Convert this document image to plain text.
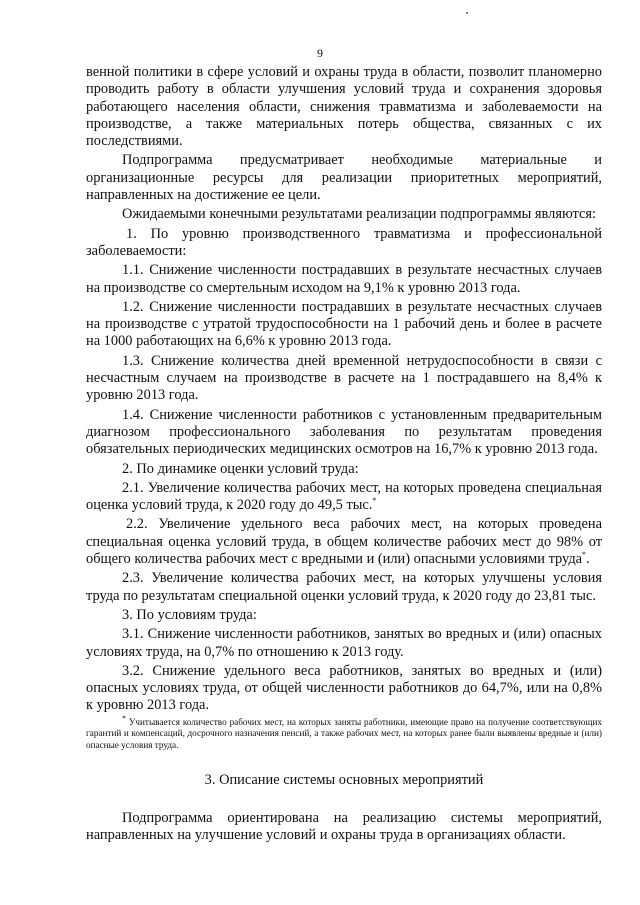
9

венной политики в сфере условий и охраны труда в области, позволит планомерно проводить работу в области улучшения условий труда и сохранения здоровья работающего населения области, снижения травматизма и заболеваемости на производстве, а также материальных потерь общества, связанных с их последствиями.

Подпрограмма предусматривает необходимые материальные и организационные ресурсы для реализации приоритетных мероприятий, направленных на достижение ее цели.

Ожидаемыми конечными результатами реализации подпрограммы являются:

1. По уровню производственного травматизма и профессиональной заболеваемости:

1.1. Снижение численности пострадавших в результате несчастных случаев на производстве со смертельным исходом на 9,1% к уровню 2013 года.

1.2. Снижение численности пострадавших в результате несчастных случаев на производстве с утратой трудоспособности на 1 рабочий день и более в расчете на 1000 работающих на 6,6% к уровню 2013 года.

1.3. Снижение количества дней временной нетрудоспособности в связи с несчастным случаем на производстве в расчете на 1 пострадавшего на 8,4% к уровню 2013 года.

1.4. Снижение численности работников с установленным предварительным диагнозом профессионального заболевания по результатам проведения обязательных периодических медицинских осмотров на 16,7% к уровню 2013 года.

2. По динамике оценки условий труда:

2.1. Увеличение количества рабочих мест, на которых проведена специальная оценка условий труда, к 2020 году до 49,5 тыс.*

2.2. Увеличение удельного веса рабочих мест, на которых проведена специальная оценка условий труда, в общем количестве рабочих мест до 98% от общего количества рабочих мест с вредными и (или) опасными условиями труда*.

2.3. Увеличение количества рабочих мест, на которых улучшены условия труда по результатам специальной оценки условий труда, к 2020 году до 23,81 тыс.

3. По условиям труда:

3.1. Снижение численности работников, занятых во вредных и (или) опасных условиях труда, на 0,7% по отношению к 2013 году.

3.2. Снижение удельного веса работников, занятых во вредных и (или) опасных условиях труда, от общей численности работников до 64,7%, или на 0,8% к уровню 2013 года.

* Учитывается количество рабочих мест, на которых заняты работники, имеющие право на получение соответствующих гарантий и компенсаций, досрочного назначения пенсий, а также рабочих мест, на которых ранее были выявлены вредные и (или) опасные условия труда.

3. Описание системы основных мероприятий

Подпрограмма ориентирована на реализацию системы мероприятий, направленных на улучшение условий и охраны труда в организациях области.
